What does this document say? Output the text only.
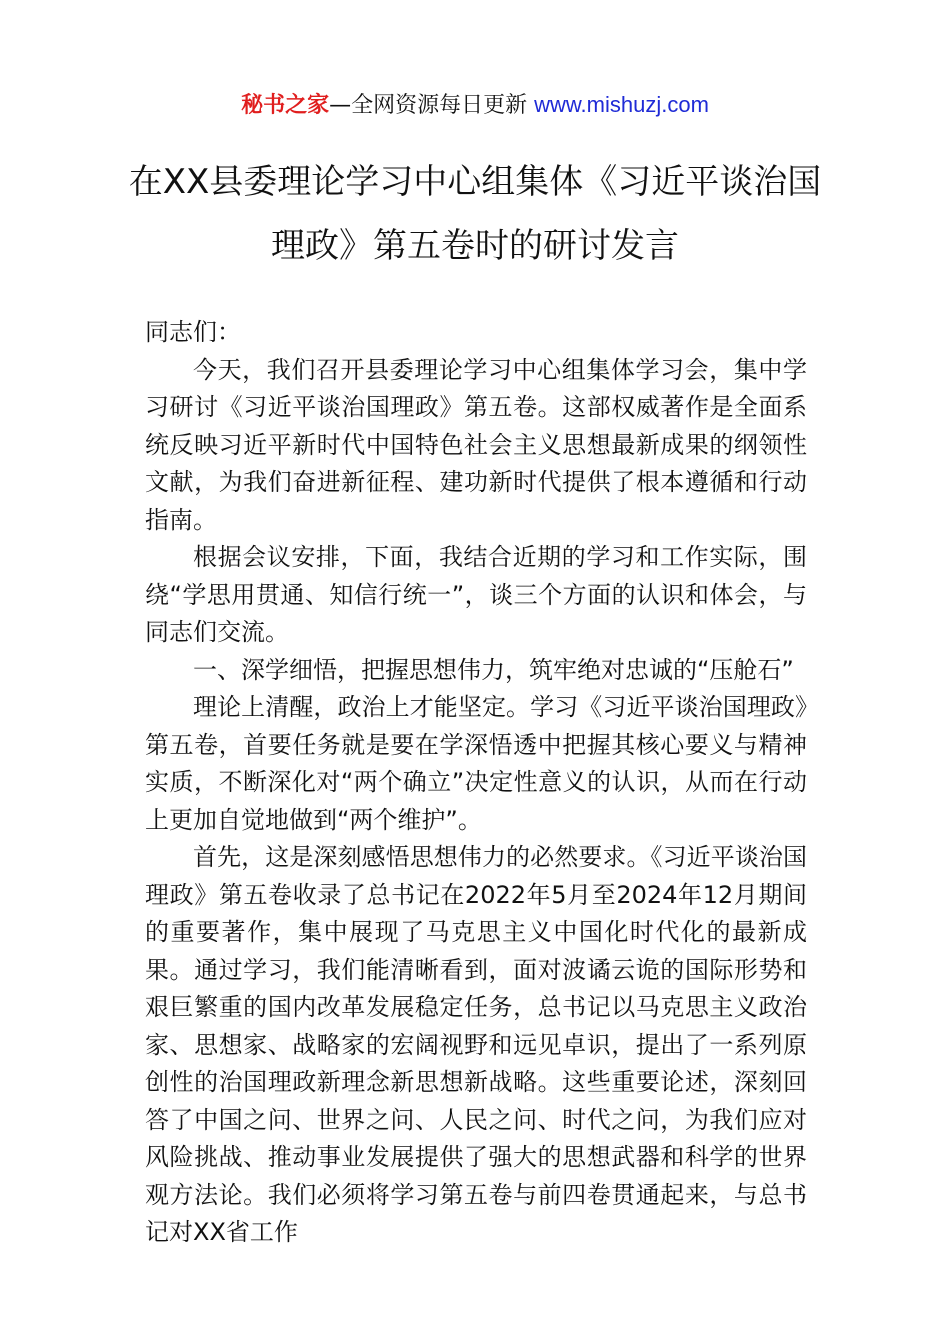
秘书之家—全网资源每日更新 www.mishuzj.com
在XX县委理论学习中心组集体《习近平谈治国理政》第五卷时的研讨发言

同志们：

今天，我们召开县委理论学习中心组集体学习会，集中学习研讨《习近平谈治国理政》第五卷。这部权威著作是全面系统反映习近平新时代中国特色社会主义思想最新成果的纲领性文献，为我们奋进新征程、建功新时代提供了根本遵循和行动指南。

根据会议安排，下面，我结合近期的学习和工作实际，围绕“学思用贯通、知信行统一”，谈三个方面的认识和体会，与同志们交流。

一、深学细悟，把握思想伟力，筑牢绝对忠诚的“压舱石”

理论上清醒，政治上才能坚定。学习《习近平谈治国理政》第五卷，首要任务就是要在学深悟透中把握其核心要义与精神实质，不断深化对“两个确立”决定性意义的认识，从而在行动上更加自觉地做到“两个维护”。

首先，这是深刻感悟思想伟力的必然要求。《习近平谈治国理政》第五卷收录了总书记在2022年5月至2024年12月期间的重要著作，集中展现了马克思主义中国化时代化的最新成果。通过学习，我们能清晰看到，面对波谲云诡的国际形势和艰巨繁重的国内改革发展稳定任务，总书记以马克思主义政治家、思想家、战略家的宏阔视野和远见卓识，提出了一系列原创性的治国理政新理念新思想新战略。这些重要论述，深刻回答了中国之问、世界之问、人民之问、时代之问，为我们应对风险挑战、推动事业发展提供了强大的思想武器和科学的世界观方法论。我们必须将学习第五卷与前四卷贯通起来，与总书记对XX省工作
